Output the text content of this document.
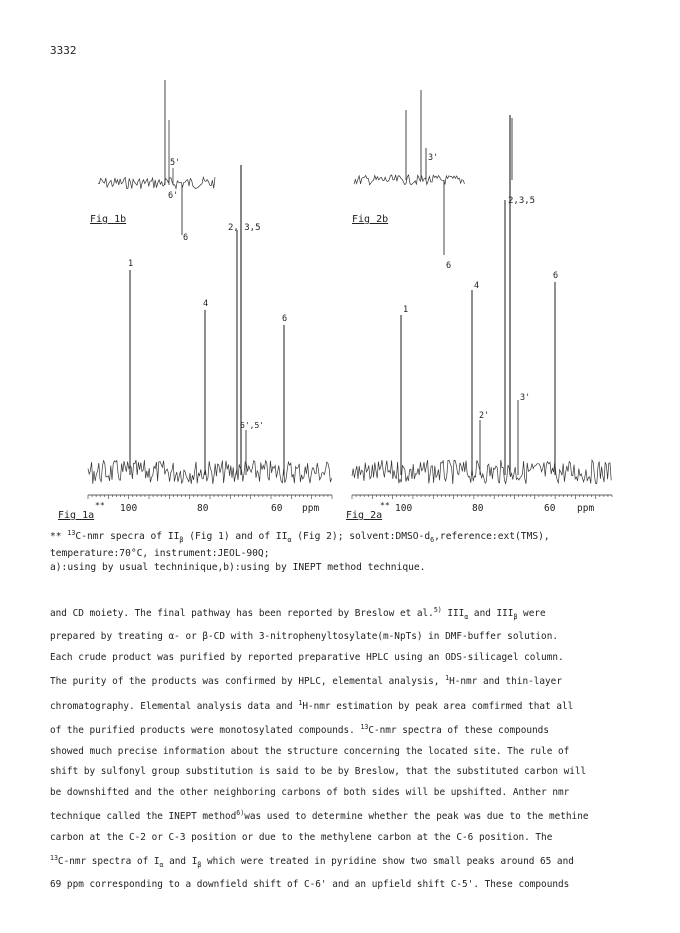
3332
5'
6'
6
Fig 1b
1
4
2, 3,5
6
6',5'
100	80	60 ppm
Fig 1a
**
3'
6
Fig 2b
1
4
2'
2,3,5
3'
6
100	80	60 ppm
Fig 2a
**
** $^{13}$C-nmr specra of $II_\beta$ (Fig 1) and of $II_\alpha$ (Fig 2); $solvent:DMSO-d_6,reference:ext(TMS)$,
temperature:70°C, instrument:JEOL-90Q;
a):using by usual techninique,b):using by INEPT method technique.

and CD moiety. The final pathway has been reported by Breslow et al.$^{5)}$ $III_\alpha$ and $III_\beta$ were

prepared by treating α- or β-CD with 3-nitrophenyltosylate(m-NpTs) in DMF-buffer solution.

Each crude product was purified by reported preparative HPLC using an ODS-silicagel column.

The purity of the products was confirmed by HPLC, elemental analysis, $^1$H-nmr and thin-layer

chromatography. Elemental analysis data and $^1$H-nmr estimation by peak area comfirmed that all

of the purified products were monotosylated compounds. $^{13}$C-nmr spectra of these compounds

showed much precise information about the structure concerning the located site. The rule of

shift by sulfonyl group substitution is said to be by Breslow, that the substituted carbon will

be downshifted and the other neighboring carbons of both sides will be upshifted. Anther nmr

technique called the INEPT method$^{6)}$was used to determine whether the peak was due to the methine

carbon at the C-2 or C-3 position or due to the methylene carbon at the C-6 position. The

$^{13}$C-nmr spectra of $I_\alpha$ and $I_\beta$ which were treated in pyridine show two small peaks around 65 and

69 ppm corresponding to a downfield shift of C-6' and an upfield shift C-5'. These compounds
